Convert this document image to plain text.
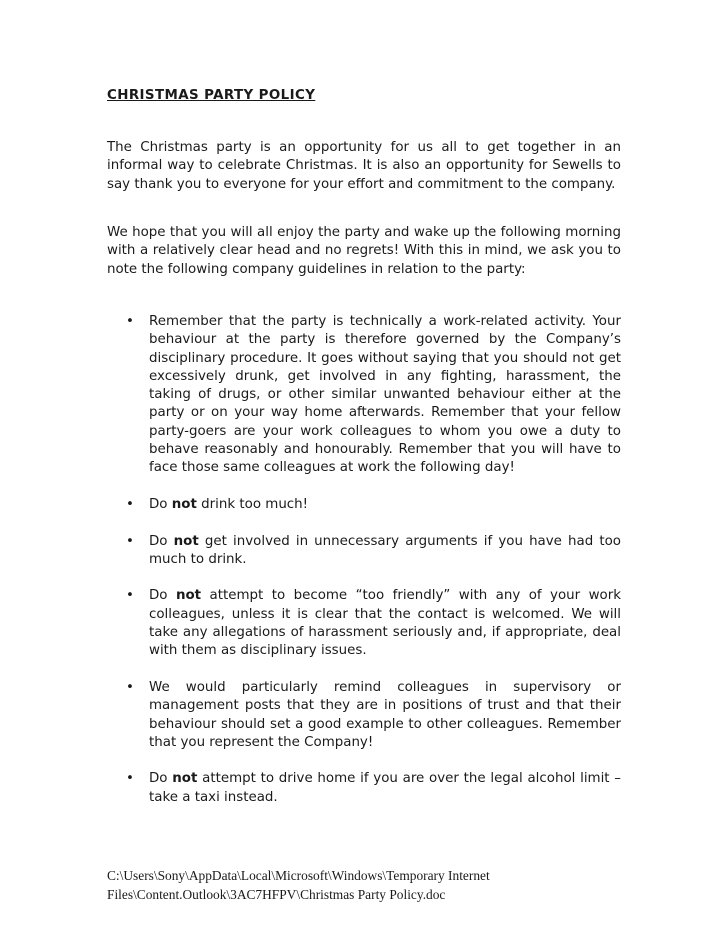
CHRISTMAS PARTY POLICY

The Christmas party is an opportunity for us all to get together in an informal way to celebrate Christmas. It is also an opportunity for Sewells to say thank you to everyone for your effort and commitment to the company.

We hope that you will all enjoy the party and wake up the following morning with a relatively clear head and no regrets! With this in mind, we ask you to note the following company guidelines in relation to the party:

• Remember that the party is technically a work-related activity. Your behaviour at the party is therefore governed by the Company’s disciplinary procedure. It goes without saying that you should not get excessively drunk, get involved in any fighting, harassment, the taking of drugs, or other similar unwanted behaviour either at the party or on your way home afterwards. Remember that your fellow party-goers are your work colleagues to whom you owe a duty to behave reasonably and honourably. Remember that you will have to face those same colleagues at work the following day!
• Do not drink too much!
• Do not get involved in unnecessary arguments if you have had too much to drink.
• Do not attempt to become “too friendly” with any of your work colleagues, unless it is clear that the contact is welcomed. We will take any allegations of harassment seriously and, if appropriate, deal with them as disciplinary issues.
• We would particularly remind colleagues in supervisory or management posts that they are in positions of trust and that their behaviour should set a good example to other colleagues. Remember that you represent the Company!
• Do not attempt to drive home if you are over the legal alcohol limit – take a taxi instead.

C:\Users\Sony\AppData\Local\Microsoft\Windows\Temporary Internet
Files\Content.Outlook\3AC7HFPV\Christmas Party Policy.doc
